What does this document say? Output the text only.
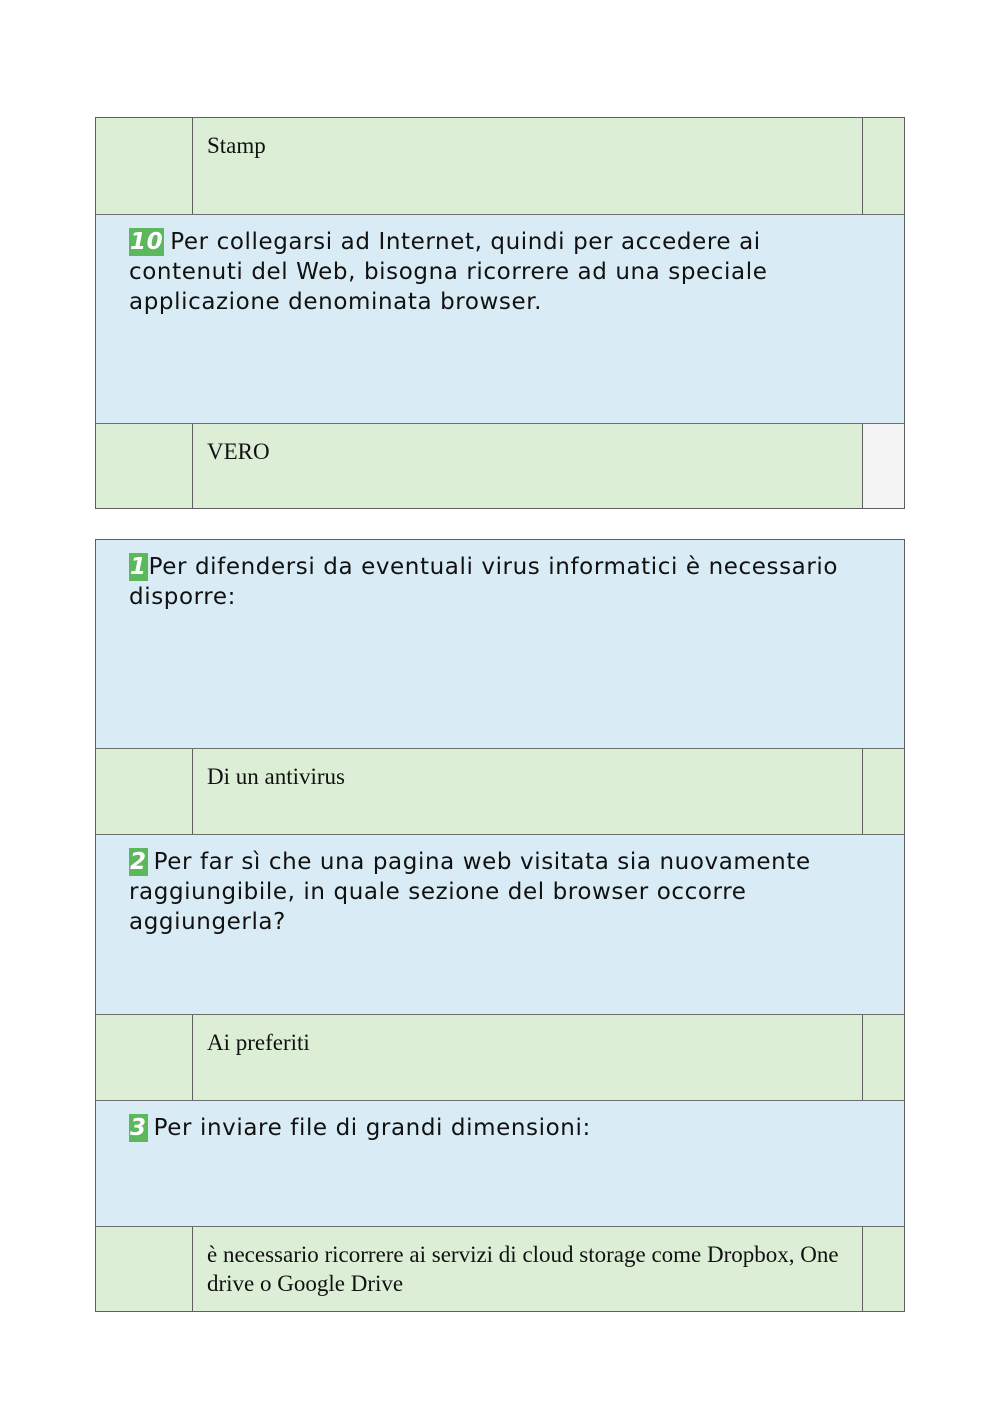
Stamp
10 Per collegarsi ad Internet, quindi per accedere ai contenuti del Web, bisogna ricorrere ad una speciale applicazione denominata browser.
VERO
1Per difendersi da eventuali virus informatici è necessario disporre:
Di un antivirus
2 Per far sì che una pagina web visitata sia nuovamente raggiungibile, in quale sezione del browser occorre aggiungerla?
Ai preferiti
3 Per inviare file di grandi dimensioni:
è necessario ricorrere ai servizi di cloud storage come Dropbox, One drive o Google Drive
